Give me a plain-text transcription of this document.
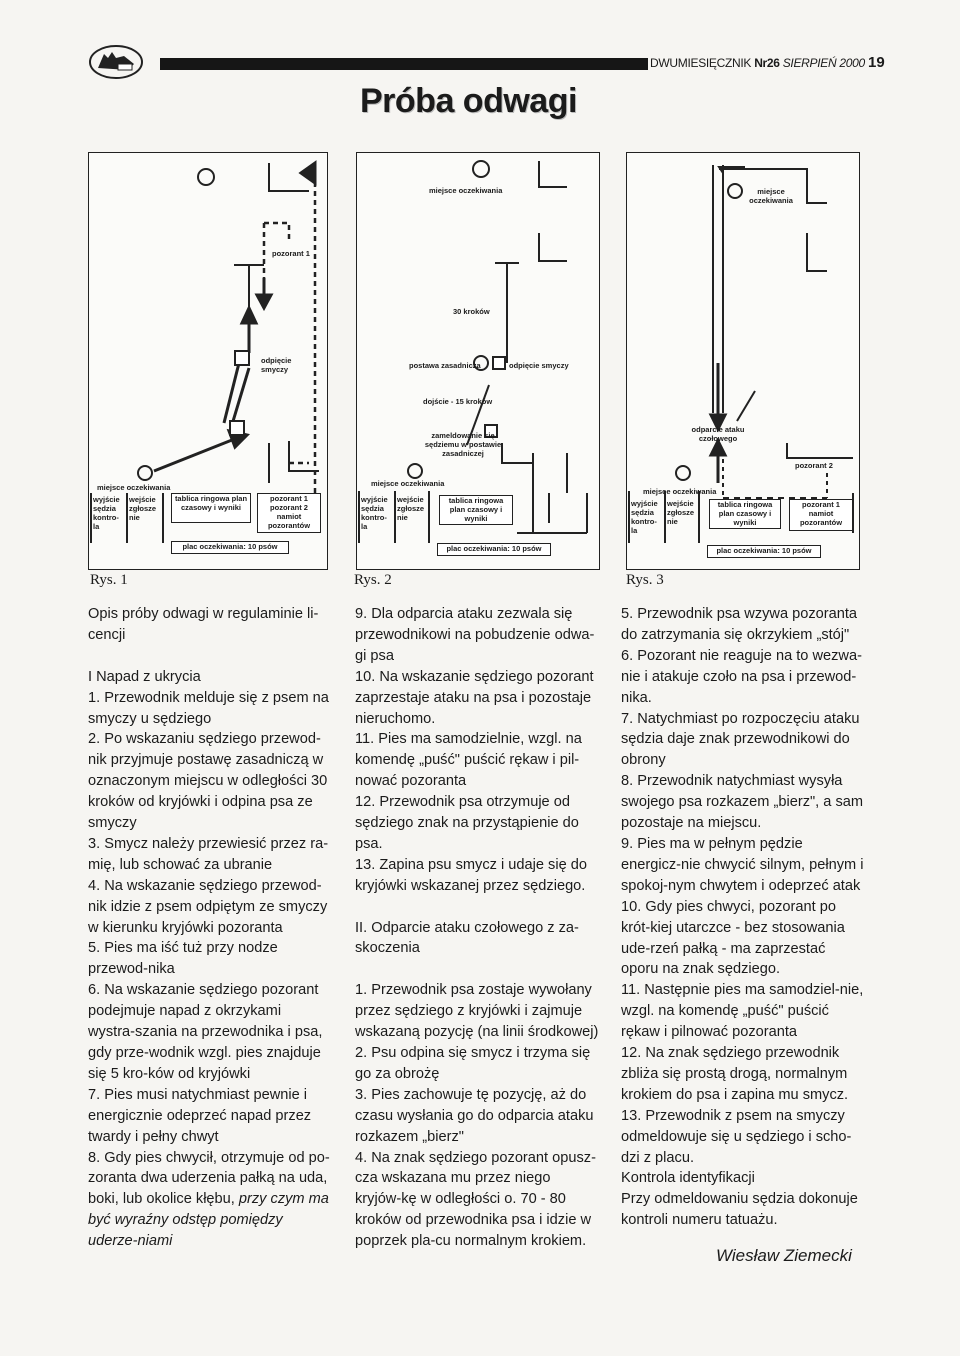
DWUMIESIĘCZNIK Nr26 SIERPIEŃ 2000 19
Próba odwagi
pozorant 1
odpięcie smyczy
miejsce oczekiwania
wyjście sędzia kontro-la
wejście zgłosze nie
tablica ringowa plan czasowy i wyniki
pozorant 1 pozorant 2
namiot pozorantów
plac oczekiwania: 10 psów
Rys. 1
miejsce oczekiwania
30 kroków
postawa zasadnicza	odpięcie smyczy
dojście - 15 kroków
zameldowanie się sędziemu w postawie zasadniczej
miejsce oczekiwania
wyjście sędzia kontro-la
wejście zgłosze nie
tablica ringowa plan czasowy i wyniki
plac oczekiwania: 10 psów
Rys. 2
miejsce oczekiwania
odparcie ataku czołowego
pozorant 2
miejsce oczekiwania
wyjście sędzia kontro-la
wejście zgłosze nie
tablica ringowa plan czasowy i wyniki
pozorant 1 namiot pozorantów
plac oczekiwania: 10 psów
Rys. 3

Opis próby odwagi w regulaminie li-cencji

I Napad z ukrycia

1. Przewodnik melduje się z psem na smyczy u sędziego

2. Po wskazaniu sędziego przewod-nik przyjmuje postawę zasadniczą w oznaczonym miejscu w odległości 30 kroków od kryjówki i odpina psa ze smyczy

3. Smycz należy przewiesić przez ra-mię, lub schować za ubranie

4. Na wskazanie sędziego przewod-nik idzie z psem odpiętym ze smyczy w kierunku kryjówki pozoranta

5. Pies ma iść tuż przy nodze przewod-nika

6. Na wskazanie sędziego pozorant podejmuje napad z okrzykami wystra-szania na przewodnika i psa, gdy prze-wodnik wzgl. pies znajduje się 5 kro-ków od kryjówki

7. Pies musi natychmiast pewnie i energicznie odeprzeć napad przez twardy i pełny chwyt

8. Gdy pies chwycił, otrzymuje od po-zoranta dwa uderzenia pałką na uda, boki, lub okolice kłębu, przy czym ma być wyraźny odstęp pomiędzy uderze-niami

9. Dla odparcia ataku zezwala się przewodnikowi na pobudzenie odwa-gi psa

10. Na wskazanie sędziego pozorant zaprzestaje ataku na psa i pozostaje nieruchomo.

11. Pies ma samodzielnie, wzgl. na komendę „puść" puścić rękaw i pil-nować pozoranta

12. Przewodnik psa otrzymuje od sędziego znak na przystąpienie do psa.

13. Zapina psu smycz i udaje się do kryjówki wskazanej przez sędziego.

II. Odparcie ataku czołowego z za-skoczenia

1. Przewodnik psa zostaje wywołany przez sędziego z kryjówki i zajmuje wskazaną pozycję (na linii środkowej)

2. Psu odpina się smycz i trzyma się go za obrożę

3. Pies zachowuje tę pozycję, aż do czasu wysłania go do odparcia ataku rozkazem „bierz"

4. Na znak sędziego pozorant opusz-cza wskazana mu przez niego kryjów-kę w odległości o. 70 - 80 kroków od przewodnika psa i idzie w poprzek pla-cu normalnym krokiem.

5. Przewodnik psa wzywa pozoranta do zatrzymania się okrzykiem „stój"

6. Pozorant nie reaguje na to wezwa-nie i atakuje czoło na psa i przewod-nika.

7. Natychmiast po rozpoczęciu ataku sędzia daje znak przewodnikowi do obrony

8. Przewodnik natychmiast wysyła swojego psa rozkazem „bierz", a sam pozostaje na miejscu.

9. Pies ma w pełnym pędzie energicz-nie chwycić silnym, pełnym i spokoj-nym chwytem i odeprzeć atak

10. Gdy pies chwyci, pozorant po krót-kiej utarczce - bez stosowania ude-rzeń pałką - ma zaprzestać oporu na znak sędziego.

11. Następnie pies ma samodziel-nie, wzgl. na komendę „puść" puścić rękaw i pilnować pozoranta

12. Na znak sędziego przewodnik zbliża się prostą drogą, normalnym krokiem do psa i zapina mu smycz.

13. Przewodnik z psem na smyczy odmeldowuje się u sędziego i scho-dzi z placu.

Kontrola identyfikacji

Przy odmeldowaniu sędzia dokonuje kontroli numeru tatuażu.

Wiesław Ziemecki
